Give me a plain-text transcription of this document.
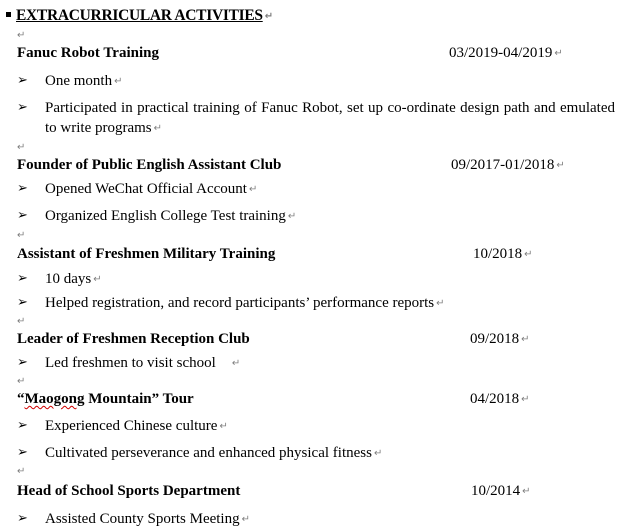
EXTRACURRICULAR ACTIVITIES ↵
↵
Fanuc Robot Training	03/2019-04/2019 ↵
➢ One month ↵
➢ Participated in practical training of Fanuc Robot, set up co-ordinate design path and emulated to write programs ↵
↵
Founder of Public English Assistant Club	09/2017-01/2018 ↵
➢ Opened WeChat Official Account ↵
➢ Organized English College Test training ↵
↵
Assistant of Freshmen Military Training	10/2018 ↵
➢ 10 days ↵
➢ Helped registration, and record participants’ performance reports ↵
↵
Leader of Freshmen Reception Club	09/2018 ↵
➢ Led freshmen to visit school ↵
↵
“Maogong Mountain” Tour	04/2018 ↵
➢ Experienced Chinese culture ↵
➢ Cultivated perseverance and enhanced physical fitness ↵
↵
Head of School Sports Department	10/2014 ↵
➢ Assisted County Sports Meeting ↵
